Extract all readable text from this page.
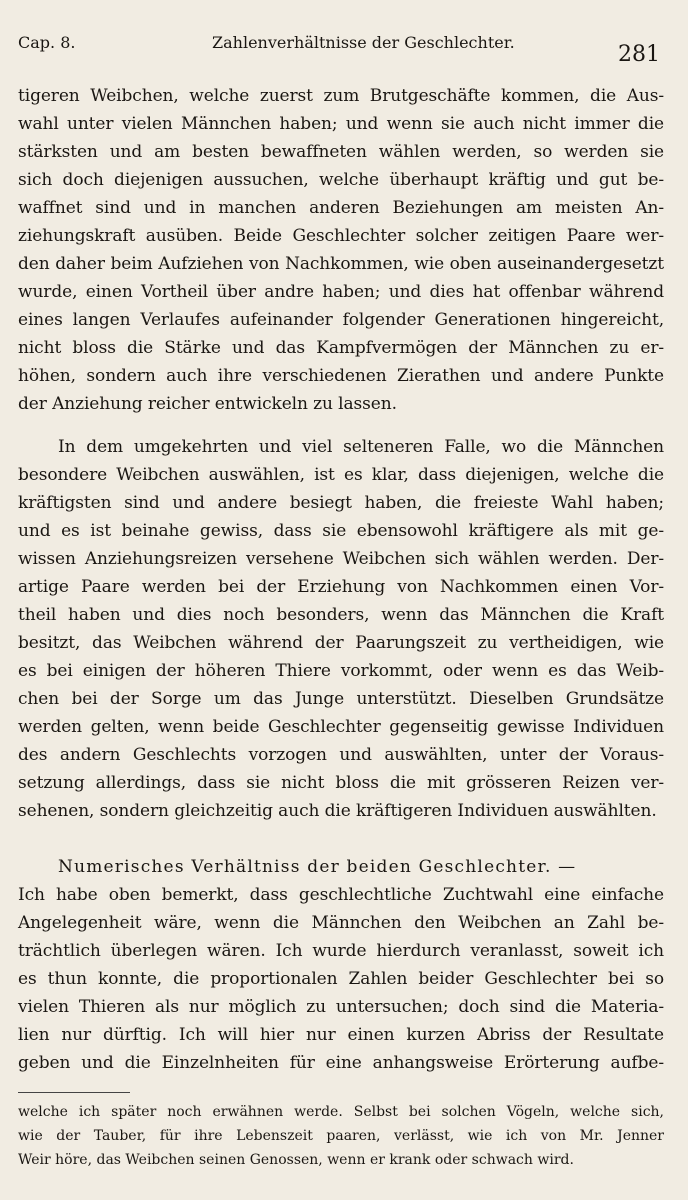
Cap. 8.	Zahlenverhältnisse der Geschlechter.	281
tigeren Weibchen, welche zuerst zum Brutgeschäfte kommen, die Aus-
wahl unter vielen Männchen haben; und wenn sie auch nicht immer die
stärksten und am besten bewaffneten wählen werden, so werden sie
sich doch diejenigen aussuchen, welche überhaupt kräftig und gut be-
waffnet sind und in manchen anderen Beziehungen am meisten An-
ziehungskraft ausüben. Beide Geschlechter solcher zeitigen Paare wer-
den daher beim Aufziehen von Nachkommen, wie oben auseinandergesetzt
wurde, einen Vortheil über andre haben; und dies hat offenbar während
eines langen Verlaufes aufeinander folgender Generationen hingereicht,
nicht bloss die Stärke und das Kampfvermögen der Männchen zu er-
höhen, sondern auch ihre verschiedenen Zierathen und andere Punkte
der Anziehung reicher entwickeln zu lassen.
In dem umgekehrten und viel selteneren Falle, wo die Männchen
besondere Weibchen auswählen, ist es klar, dass diejenigen, welche die
kräftigsten sind und andere besiegt haben, die freieste Wahl haben;
und es ist beinahe gewiss, dass sie ebensowohl kräftigere als mit ge-
wissen Anziehungsreizen versehene Weibchen sich wählen werden. Der-
artige Paare werden bei der Erziehung von Nachkommen einen Vor-
theil haben und dies noch besonders, wenn das Männchen die Kraft
besitzt, das Weibchen während der Paarungszeit zu vertheidigen, wie
es bei einigen der höheren Thiere vorkommt, oder wenn es das Weib-
chen bei der Sorge um das Junge unterstützt. Dieselben Grundsätze
werden gelten, wenn beide Geschlechter gegenseitig gewisse Individuen
des andern Geschlechts vorzogen und auswählten, unter der Voraus-
setzung allerdings, dass sie nicht bloss die mit grösseren Reizen ver-
sehenen, sondern gleichzeitig auch die kräftigeren Individuen auswählten.
Numerisches Verhältniss der beiden Geschlechter. —
Ich habe oben bemerkt, dass geschlechtliche Zuchtwahl eine einfache
Angelegenheit wäre, wenn die Männchen den Weibchen an Zahl be-
trächtlich überlegen wären. Ich wurde hierdurch veranlasst, soweit ich
es thun konnte, die proportionalen Zahlen beider Geschlechter bei so
vielen Thieren als nur möglich zu untersuchen; doch sind die Materia-
lien nur dürftig. Ich will hier nur einen kurzen Abriss der Resultate
geben und die Einzelnheiten für eine anhangsweise Erörterung aufbe-
welche ich später noch erwähnen werde. Selbst bei solchen Vögeln, welche sich,
wie der Tauber, für ihre Lebenszeit paaren, verlässt, wie ich von Mr. Jenner
Weir höre, das Weibchen seinen Genossen, wenn er krank oder schwach wird.
